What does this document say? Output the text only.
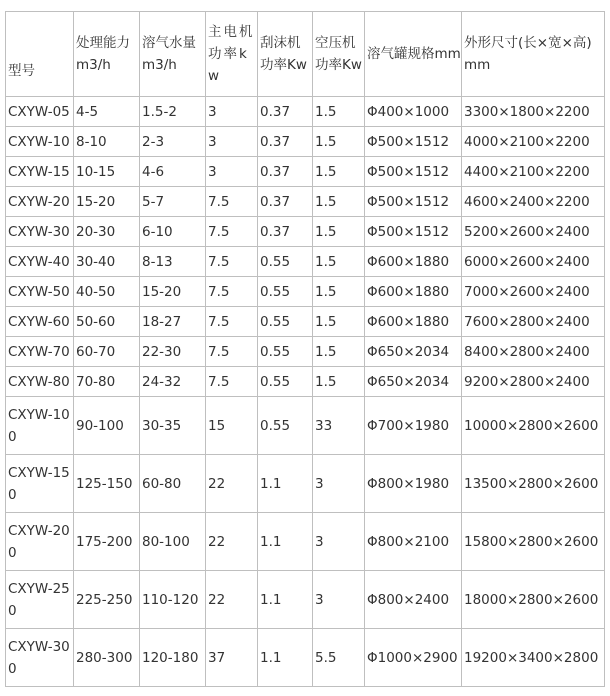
型号	处理能力m3/h	溶气水量m3/h	主电机功率kw	刮沫机功率Kw	空压机功率Kw	溶气罐规格mm	外形尺寸(长×宽×高)mm
CXYW-05	4-5	1.5-2	3	0.37	1.5	Φ400×1000	3300×1800×2200
CXYW-10	8-10	2-3	3	0.37	1.5	Φ500×1512	4000×2100×2200
CXYW-15	10-15	4-6	3	0.37	1.5	Φ500×1512	4400×2100×2200
CXYW-20	15-20	5-7	7.5	0.37	1.5	Φ500×1512	4600×2400×2200
CXYW-30	20-30	6-10	7.5	0.37	1.5	Φ500×1512	5200×2600×2400
CXYW-40	30-40	8-13	7.5	0.55	1.5	Φ600×1880	6000×2600×2400
CXYW-50	40-50	15-20	7.5	0.55	1.5	Φ600×1880	7000×2600×2400
CXYW-60	50-60	18-27	7.5	0.55	1.5	Φ600×1880	7600×2800×2400
CXYW-70	60-70	22-30	7.5	0.55	1.5	Φ650×2034	8400×2800×2400
CXYW-80	70-80	24-32	7.5	0.55	1.5	Φ650×2034	9200×2800×2400
CXYW-100	90-100	30-35	15	0.55	33	Φ700×1980	10000×2800×2600
CXYW-150	125-150	60-80	22	1.1	3	Φ800×1980	13500×2800×2600
CXYW-200	175-200	80-100	22	1.1	3	Φ800×2100	15800×2800×2600
CXYW-250	225-250	110-120	22	1.1	3	Φ800×2400	18000×2800×2600
CXYW-300	280-300	120-180	37	1.1	5.5	Φ1000×2900	19200×3400×2800
